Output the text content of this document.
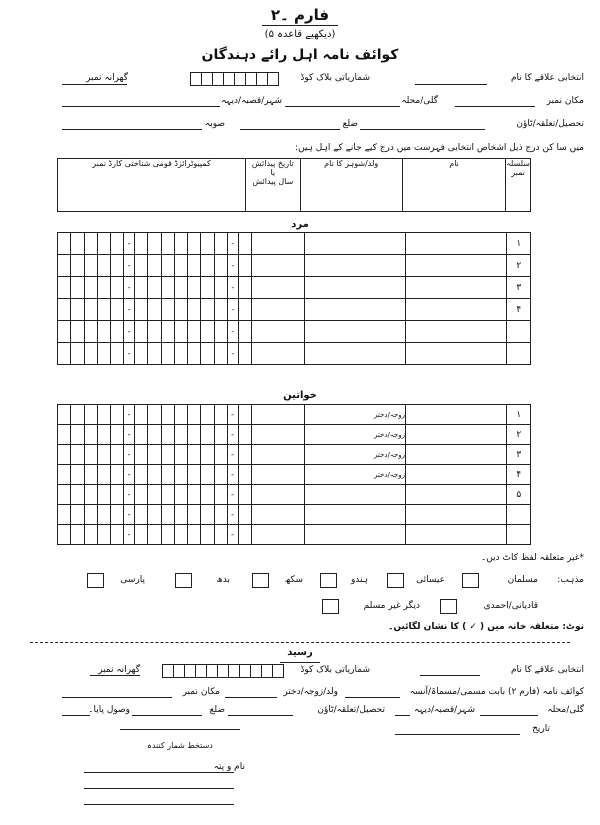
فارم ۔۲
(دیکھیے قاعدہ ۵)
کوائف نامہ اہل رائے دہندگان
انتخابی علاقے کا نام
شماریاتی بلاک کوڈ
گھرانہ نمبر
مکان نمبر
گلی/محلہ
شہر/قصبہ/دیہہ
تحصیل/تعلقہ/ٹاؤن
ضلع
صوبہ
میں سا کن درج ذیل اشخاص انتخابی فہرست میں درج کیے جانے کے اہل ہیں:
کمپیوٹرائزڈ قومی شناختی کارڈ نمبر	تاریخ پیدائش
یا
سال پیدائش
	ولد/شوہر کا نام	نام	سلسلہ نمبر
مرد
					-								-					۱
					-								-					۲
					-								-					۳
					-								-					۴
					-								-					
					-								-					
خواتین
					-								-			زوجہ/دختر		۱
					-								-			زوجہ/دختر		۲
					-								-			زوجہ/دختر		۳
					-								-			زوجہ/دختر		۴
					-								-					۵
					-								-					
					-								-					
*غیر متعلقہ لفظ کاٹ دیں۔
مذہب:
مسلمان
عیسائی
ہندو
سکھ
بدھ
پارسی
قادیانی/احمدی
دیگر غیر مسلم
نوٹ: متعلقہ خانہ میں ( ✓ ) کا نشان لگائیں۔
رسید
انتخابی علاقے کا نام
شماریاتی بلاک کوڈ
گھرانہ نمبر
کوائف نامہ (فارم ۲) بابت مسمی/مسماۃ/آنسہ
ولد/زوجہ/دختر
مکان نمبر
گلی/محلہ
شہر/قصبہ/دیہہ
تحصیل/تعلقہ/ٹاؤن
ضلع
وصول پایا۔
تاریخ
دستخط شمار کنندہ
نام و پتہ
